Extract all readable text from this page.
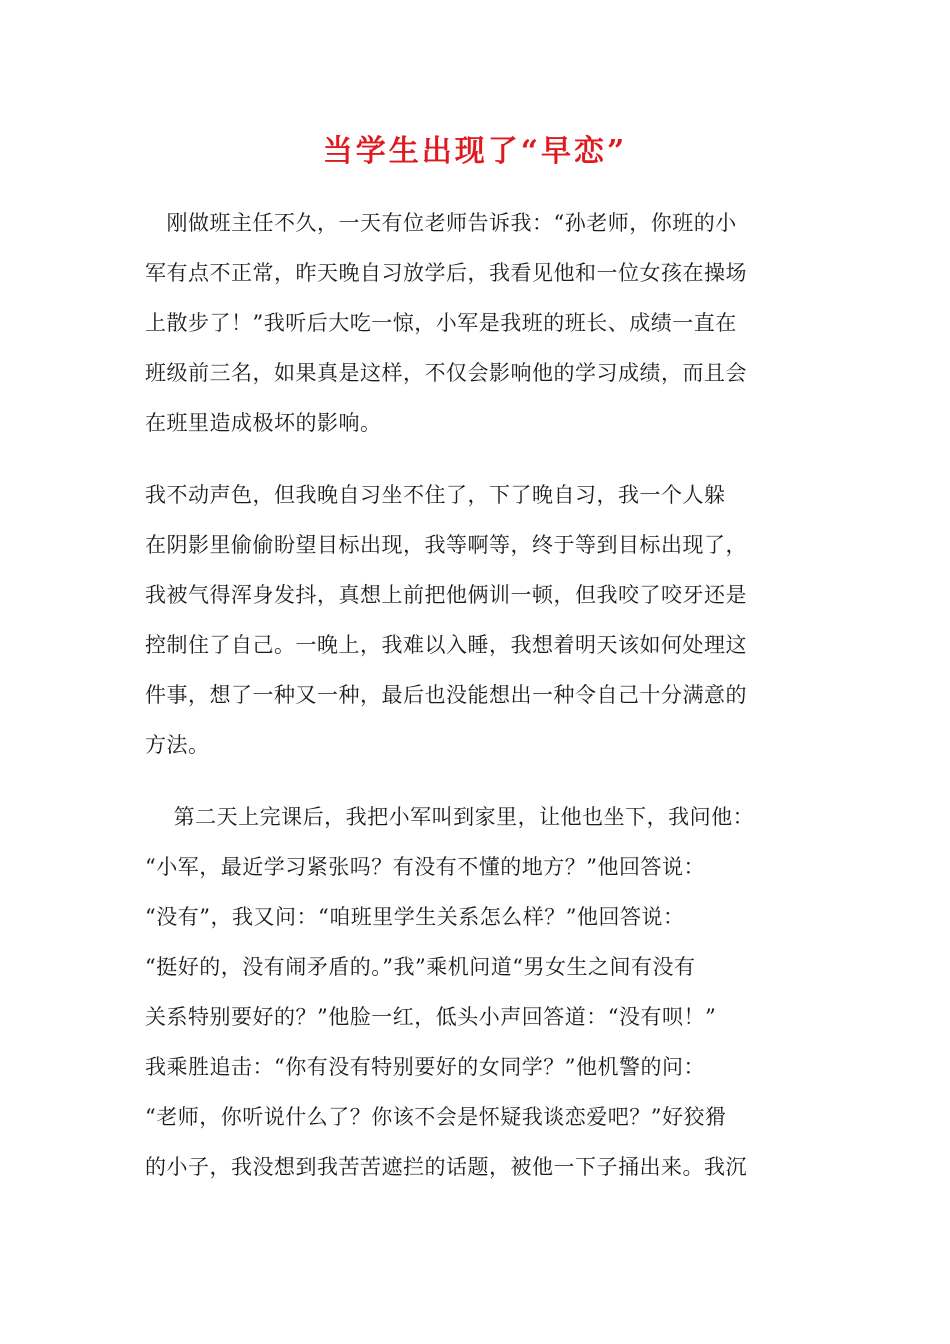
当学生出现了“早恋”
　刚做班主任不久，一天有位老师告诉我：“孙老师，你班的小
军有点不正常，昨天晚自习放学后，我看见他和一位女孩在操场
上散步了！”我听后大吃一惊，小军是我班的班长、成绩一直在
班级前三名，如果真是这样，不仅会影响他的学习成绩，而且会
在班里造成极坏的影响。
我不动声色，但我晚自习坐不住了，下了晚自习，我一个人躲
在阴影里偷偷盼望目标出现，我等啊等，终于等到目标出现了，
我被气得浑身发抖，真想上前把他俩训一顿，但我咬了咬牙还是
控制住了自己。一晚上，我难以入睡，我想着明天该如何处理这
件事，想了一种又一种，最后也没能想出一种令自己十分满意的
方法。
　 第二天上完课后，我把小军叫到家里，让他也坐下，我问他：
“小军，最近学习紧张吗？有没有不懂的地方？”他回答说：
“没有”，我又问：“咱班里学生关系怎么样？”他回答说：
“挺好的，没有闹矛盾的。”我”乘机问道“男女生之间有没有
关系特别要好的？”他脸一红，低头小声回答道：“没有呗！”
我乘胜追击：“你有没有特别要好的女同学？”他机警的问：
“老师，你听说什么了？你该不会是怀疑我谈恋爱吧？”好狡猾
的小子，我没想到我苦苦遮拦的话题，被他一下子捅出来。我沉
